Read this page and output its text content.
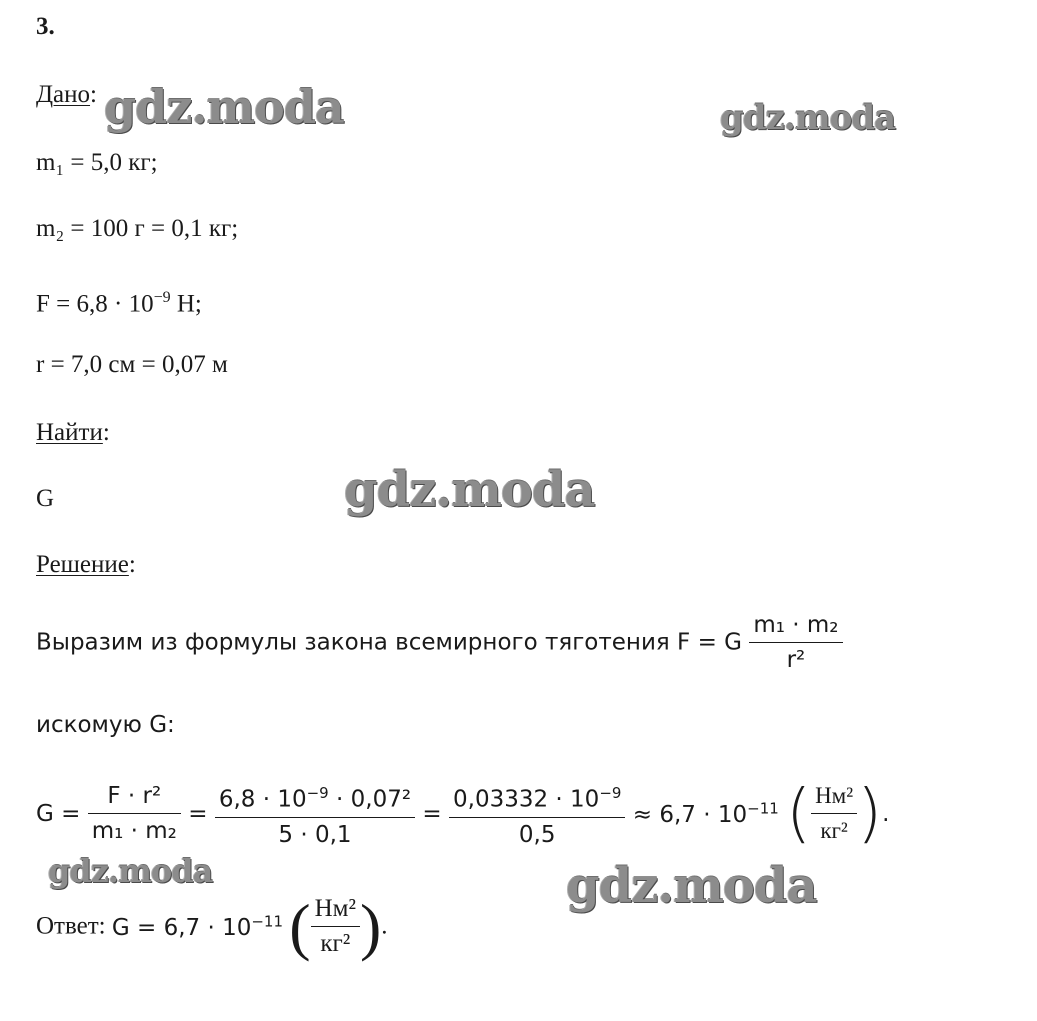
3.
Дано:
m₁ = 5,0 кг;
m₂ = 100 г = 0,1 кг;
$F = 6,8 \cdot 10^{-9}$ Н;
r = 7,0 см = 0,07 м
Найти:
G
Решение:
Выразим из формулы закона всемирного тяготения F = G $\frac{\text{m₁ · m₂}}{\text{r²}}$
искомую G:
$G = \frac{\text{F · r²}}{\text{m₁ · m₂}} = \frac{6,8 \cdot 10^{-9} \cdot 0,07^2}{5 \cdot 0,1} = \frac{0,03332 \cdot 10^{-9}}{0,5} \approx 6,7 \cdot 10^{-11}$ ( $\frac{\text{Нм²}}{\text{кг²}}$ ).
Ответ: $G = 6,7 \cdot 10^{-11}$ ( $\frac{\text{Нм²}}{\text{кг²}}$ ).
gdz.moda	gdz.moda
gdz.moda
gdz.moda	gdz.moda
